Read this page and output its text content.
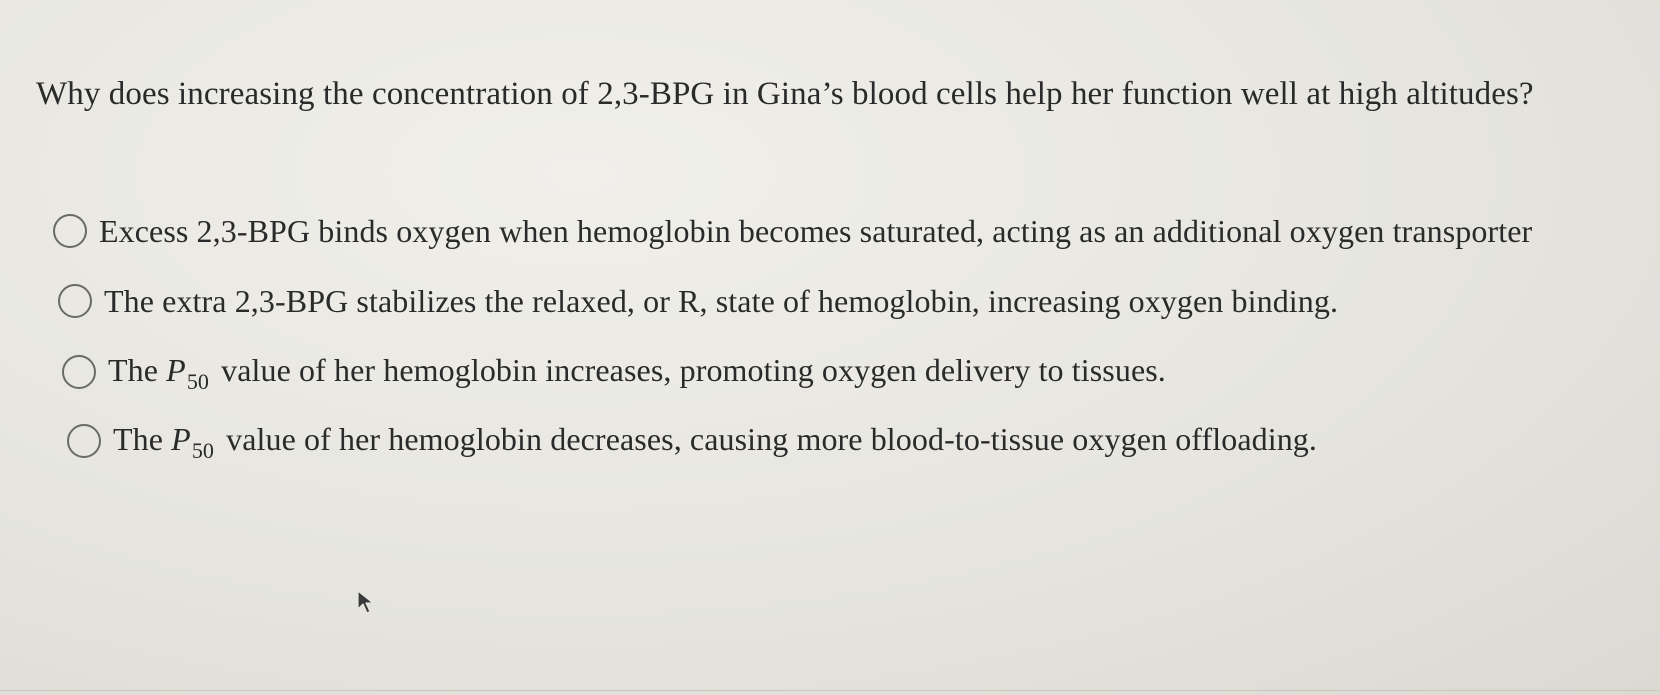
Why does increasing the concentration of 2,3-BPG in Gina’s blood cells help her function well at high altitudes?
Excess 2,3-BPG binds oxygen when hemoglobin becomes saturated, acting as an additional oxygen transporter
The extra 2,3-BPG stabilizes the relaxed, or R, state of hemoglobin, increasing oxygen binding.
The $P_{50}$ value of her hemoglobin increases, promoting oxygen delivery to tissues.
The $P_{50}$ value of her hemoglobin decreases, causing more blood-to-tissue oxygen offloading.
